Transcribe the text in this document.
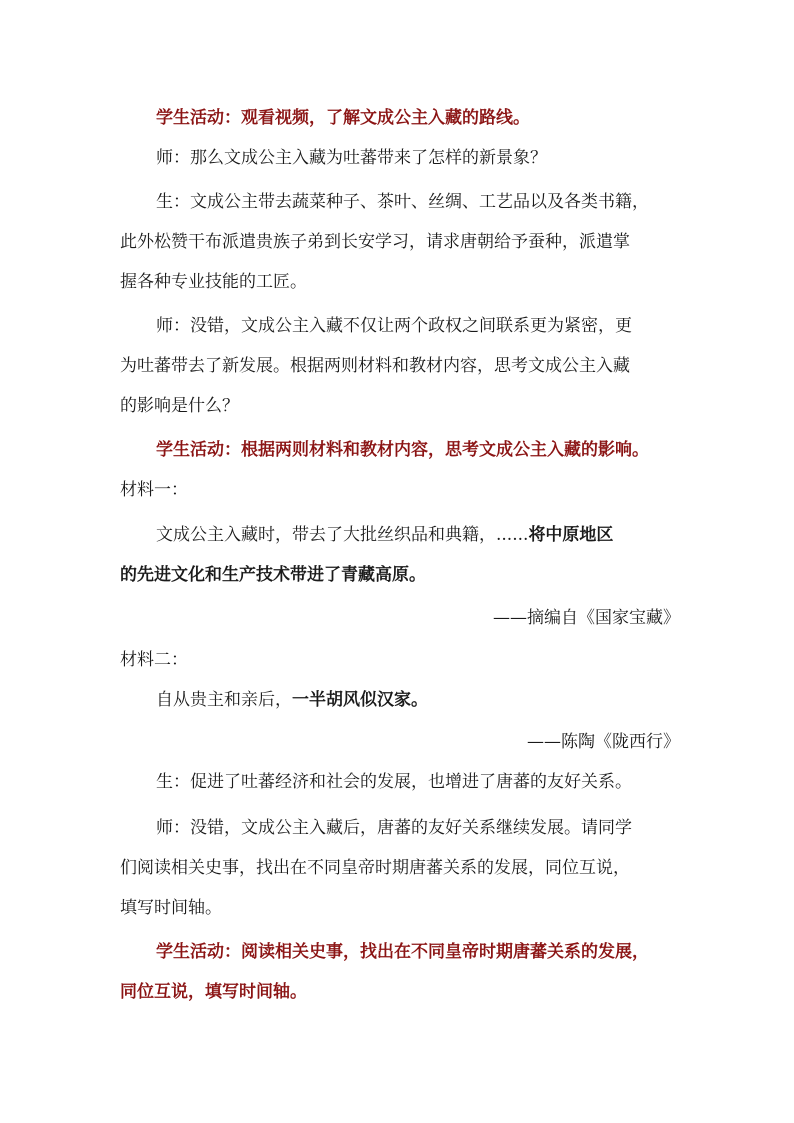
学生活动：观看视频，了解文成公主入藏的路线。
师：那么文成公主入藏为吐蕃带来了怎样的新景象？
生：文成公主带去蔬菜种子、茶叶、丝绸、工艺品以及各类书籍，
此外松赞干布派遣贵族子弟到长安学习，请求唐朝给予蚕种，派遣掌
握各种专业技能的工匠。
师：没错，文成公主入藏不仅让两个政权之间联系更为紧密，更
为吐蕃带去了新发展。根据两则材料和教材内容，思考文成公主入藏
的影响是什么？
学生活动：根据两则材料和教材内容，思考文成公主入藏的影响。
材料一：
文成公主入藏时，带去了大批丝织品和典籍，......将中原地区
的先进文化和生产技术带进了青藏高原。
——摘编自《国家宝藏》
材料二：
自从贵主和亲后，一半胡风似汉家。
——陈陶《陇西行》
生：促进了吐蕃经济和社会的发展，也增进了唐蕃的友好关系。
师：没错，文成公主入藏后，唐蕃的友好关系继续发展。请同学
们阅读相关史事，找出在不同皇帝时期唐蕃关系的发展，同位互说，
填写时间轴。
学生活动：阅读相关史事，找出在不同皇帝时期唐蕃关系的发展，
同位互说，填写时间轴。
